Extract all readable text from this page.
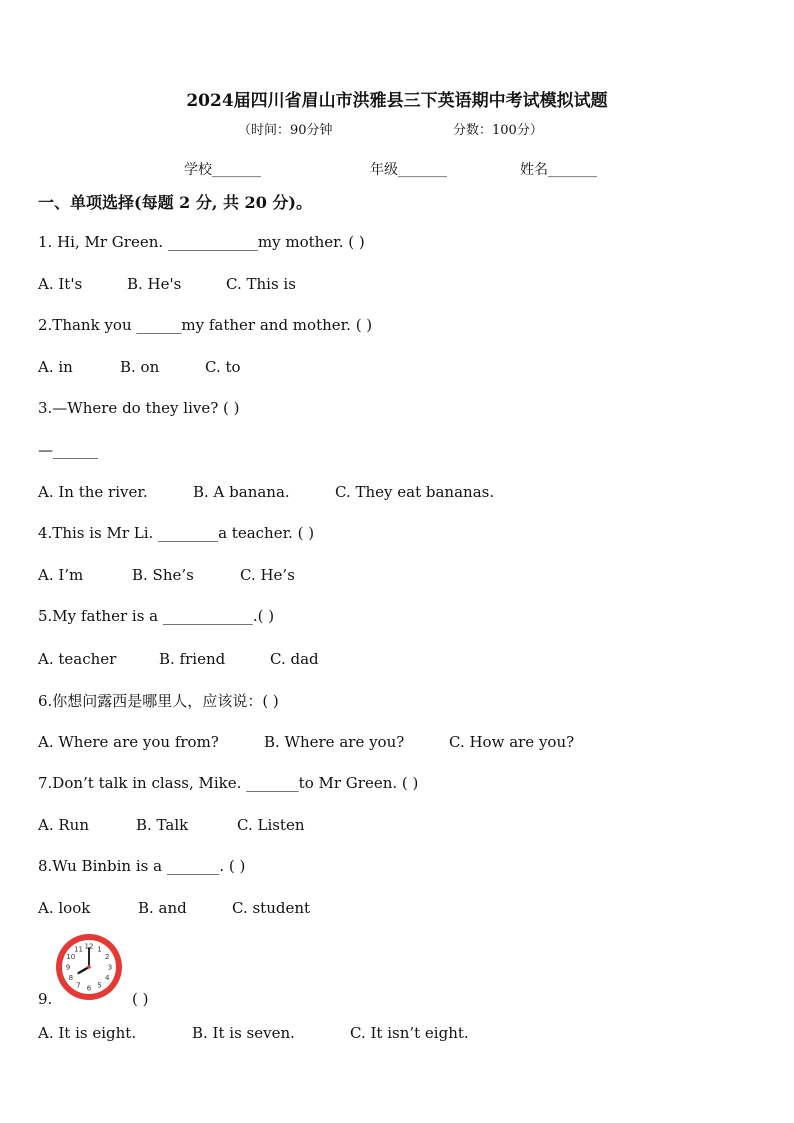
2024届四川省眉山市洪雅县三下英语期中考试模拟试题
（时间：90分钟	分数：100分）
学校_______	年级_______	姓名_______
一、单项选择(每题 2 分, 共 20 分)。
1. Hi, Mr Green. ____________my mother. ( )
A. It's	B. He's	C. This is
2.Thank you ______my father and mother. ( )
A. in	B. on	C. to
3.—Where do they live? ( )
—______
A. In the river.	B. A banana.	C. They eat bananas.
4.This is Mr Li. ________a teacher. ( )
A. I’m	B. She’s	C. He’s
5.My father is a ____________.( )
A. teacher	B. friend	C. dad
6.你想问露西是哪里人，应该说：( )
A. Where are you from?	B. Where are you?	C. How are you?
7.Don’t talk in class, Mike. _______to Mr Green. ( )
A. Run	B. Talk	C. Listen
8.Wu Binbin is a _______. ( )
A. look	B. and	C. student
12 1
2
3
4
5
6
7
8
9
10
11
9.	( )
A. It is eight.	B. It is seven.	C. It isn’t eight.
